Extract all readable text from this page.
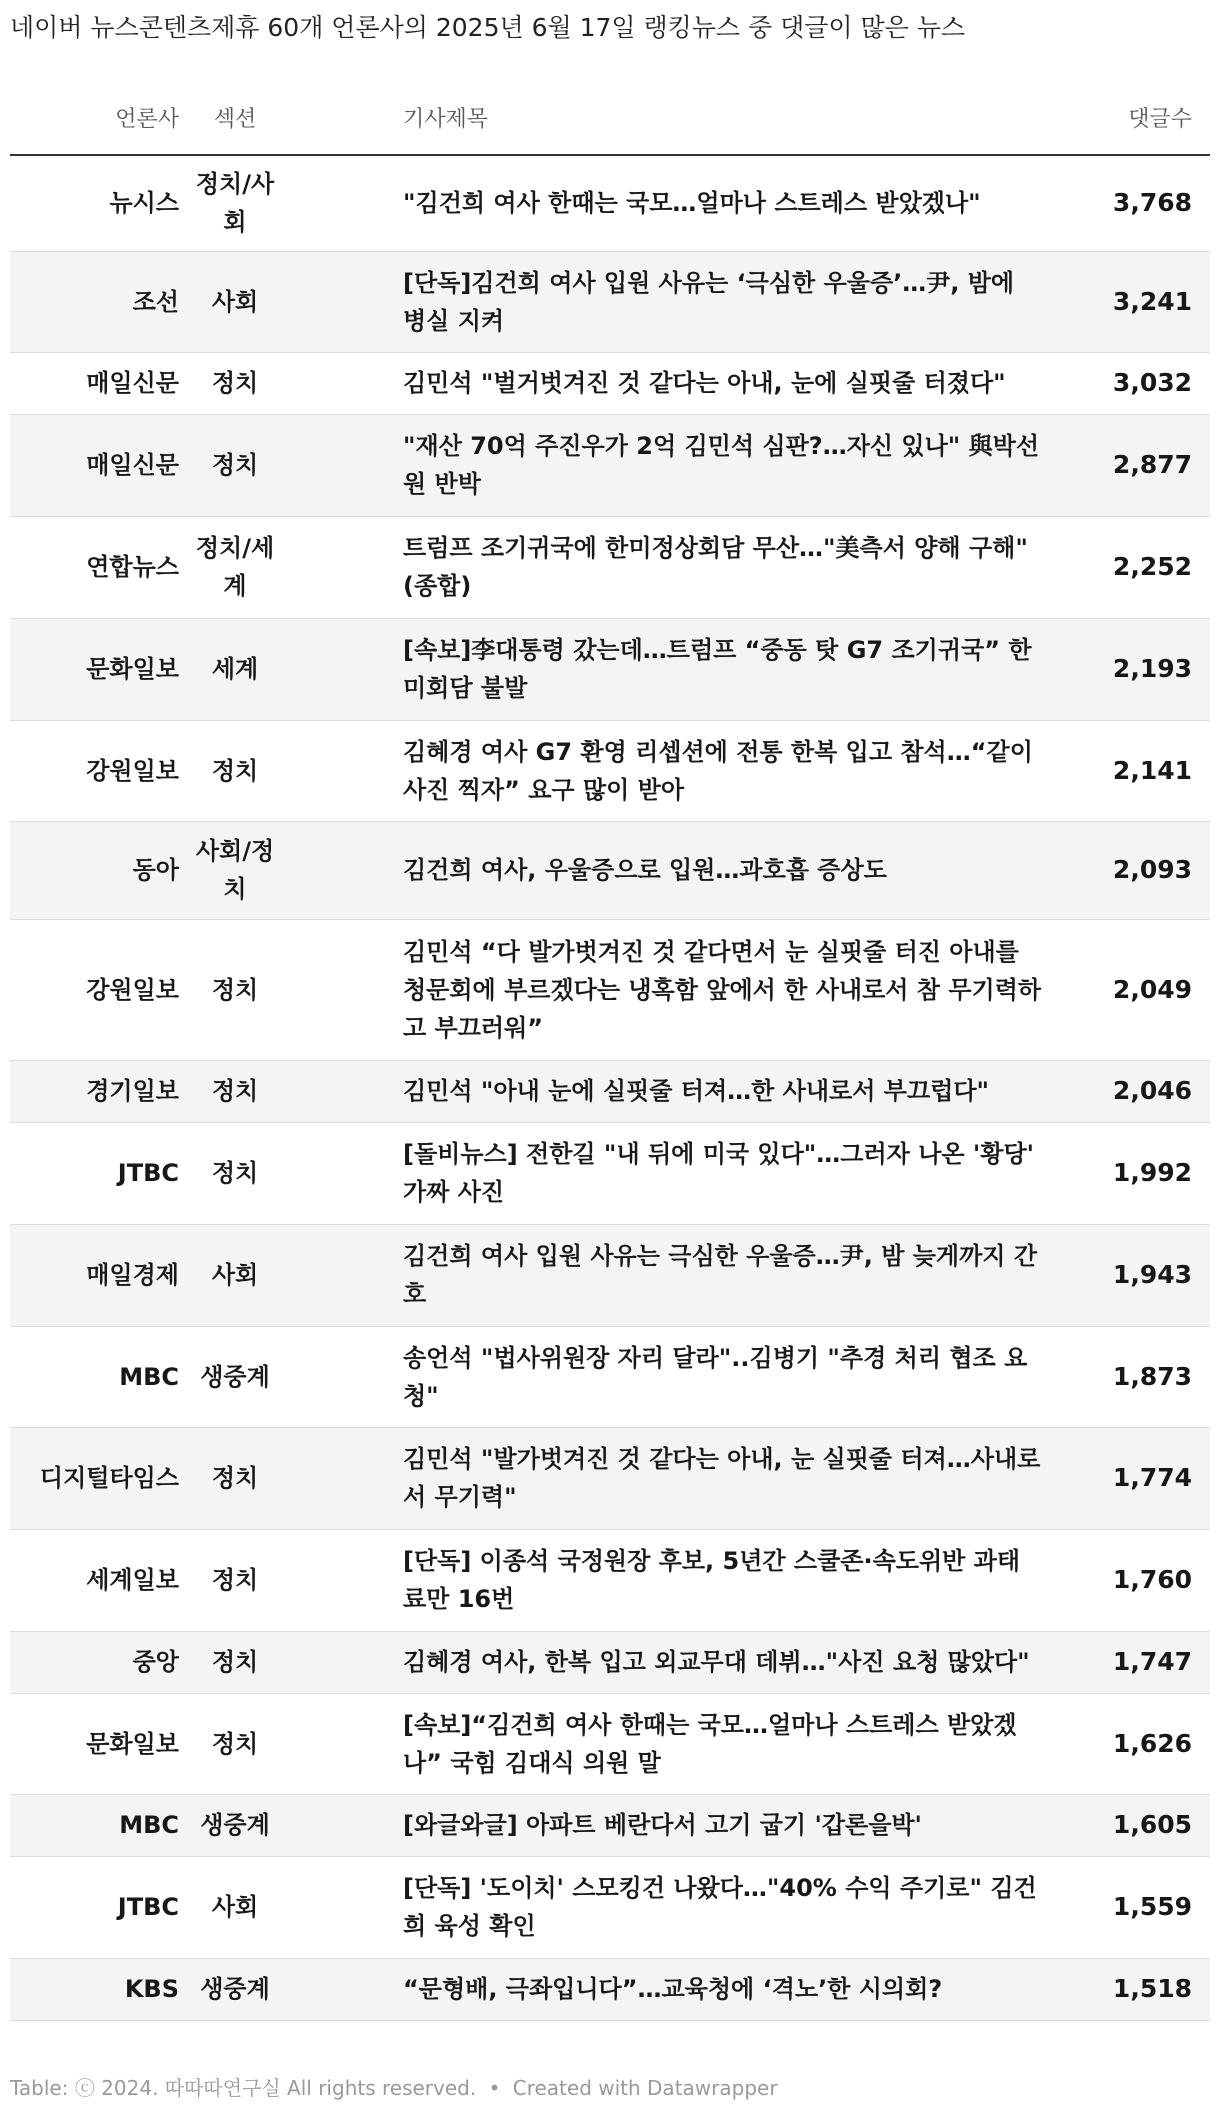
네이버 뉴스콘텐츠제휴 60개 언론사의 2025년 6월 17일 랭킹뉴스 중 댓글이 많은 뉴스
언론사	섹션	기사제목	댓글수
뉴시스	정치/사회	"김건희 여사 한때는 국모…얼마나 스트레스 받았겠나"	3,768
조선	사회	[단독]김건희 여사 입원 사유는 ‘극심한 우울증’…尹, 밤에 병실 지켜	3,241
매일신문	정치	김민석 "벌거벗겨진 것 같다는 아내, 눈에 실핏줄 터졌다"	3,032
매일신문	정치	"재산 70억 주진우가 2억 김민석 심판?…자신 있나" 與박선원 반박	2,877
연합뉴스	정치/세계	트럼프 조기귀국에 한미정상회담 무산…"美측서 양해 구해"(종합)	2,252
문화일보	세계	[속보]李대통령 갔는데…트럼프 “중동 탓 G7 조기귀국” 한미회담 불발	2,193
강원일보	정치	김혜경 여사 G7 환영 리셉션에 전통 한복 입고 참석…“같이 사진 찍자” 요구 많이 받아	2,141
동아	사회/정치	김건희 여사, 우울증으로 입원…과호흡 증상도	2,093
강원일보	정치	김민석 “다 발가벗겨진 것 같다면서 눈 실핏줄 터진 아내를 청문회에 부르겠다는 냉혹함 앞에서 한 사내로서 참 무기력하고 부끄러워”	2,049
경기일보	정치	김민석 "아내 눈에 실핏줄 터져…한 사내로서 부끄럽다"	2,046
JTBC	정치	[돌비뉴스] 전한길 "내 뒤에 미국 있다"…그러자 나온 '황당' 가짜 사진	1,992
매일경제	사회	김건희 여사 입원 사유는 극심한 우울증…尹, 밤 늦게까지 간호	1,943
MBC	생중계	송언석 "법사위원장 자리 달라"..김병기 "추경 처리 협조 요청"	1,873
디지털타임스	정치	김민석 "발가벗겨진 것 같다는 아내, 눈 실핏줄 터져…사내로서 무기력"	1,774
세계일보	정치	[단독] 이종석 국정원장 후보, 5년간 스쿨존·속도위반 과태료만 16번	1,760
중앙	정치	김혜경 여사, 한복 입고 외교무대 데뷔…"사진 요청 많았다"	1,747
문화일보	정치	[속보]“김건희 여사 한때는 국모…얼마나 스트레스 받았겠나” 국힘 김대식 의원 말	1,626
MBC	생중계	[와글와글] 아파트 베란다서 고기 굽기 '갑론을박'	1,605
JTBC	사회	[단독] '도이치' 스모킹건 나왔다…"40% 수익 주기로" 김건희 육성 확인	1,559
KBS	생중계	“문형배, 극좌입니다”…교육청에 ‘격노’한 시의회?	1,518
Table: ⓒ 2024. 따따따연구실 All rights reserved. • Created with Datawrapper
